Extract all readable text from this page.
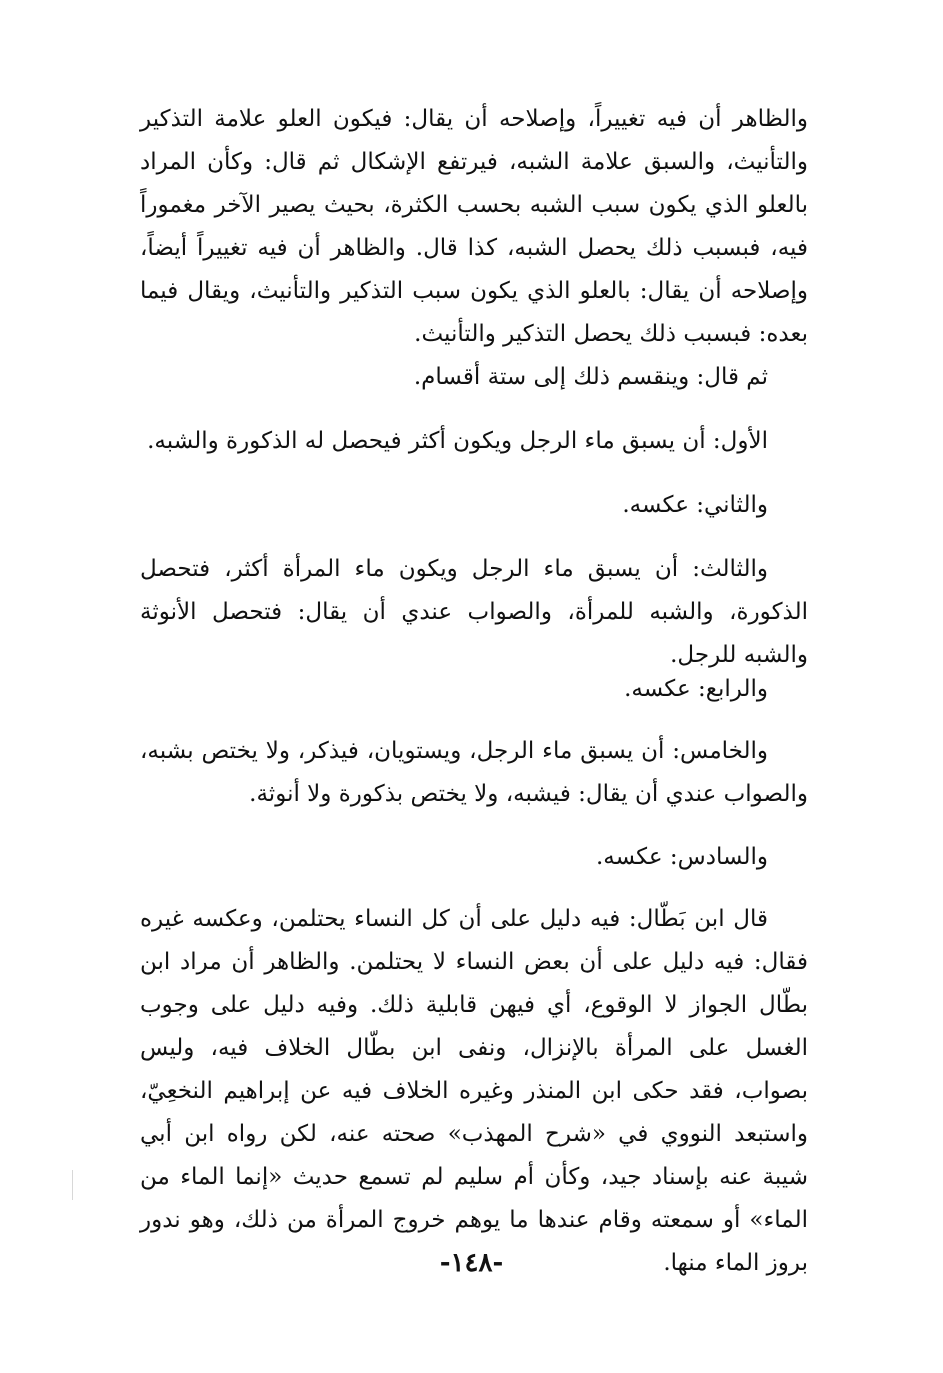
والظاهر أن فيه تغييراً، وإصلاحه أن يقال: فيكون العلو علامة التذكير والتأنيث، والسبق علامة الشبه، فيرتفع الإشكال ثم قال: وكأن المراد بالعلو الذي يكون سبب الشبه بحسب الكثرة، بحيث يصير الآخر مغموراً فيه، فبسبب ذلك يحصل الشبه، كذا قال. والظاهر أن فيه تغييراً أيضاً، وإصلاحه أن يقال: بالعلو الذي يكون سبب التذكير والتأنيث، ويقال فيما بعده: فبسبب ذلك يحصل التذكير والتأنيث.

ثم قال: وينقسم ذلك إلى ستة أقسام.

الأول: أن يسبق ماء الرجل ويكون أكثر فيحصل له الذكورة والشبه.

والثاني: عكسه.

والثالث: أن يسبق ماء الرجل ويكون ماء المرأة أكثر، فتحصل الذكورة، والشبه للمرأة، والصواب عندي أن يقال: فتحصل الأنوثة والشبه للرجل.

والرابع: عكسه.

والخامس: أن يسبق ماء الرجل، ويستويان، فيذكر، ولا يختص بشبه، والصواب عندي أن يقال: فيشبه، ولا يختص بذكورة ولا أنوثة.

والسادس: عكسه.

قال ابن بَطّال: فيه دليل على أن كل النساء يحتلمن، وعكسه غيره فقال: فيه دليل على أن بعض النساء لا يحتلمن. والظاهر أن مراد ابن بطّال الجواز لا الوقوع، أي فيهن قابلية ذلك. وفيه دليل على وجوب الغسل على المرأة بالإنزال، ونفى ابن بطّال الخلاف فيه، وليس بصواب، فقد حكى ابن المنذر وغيره الخلاف فيه عن إبراهيم النخعِيّ، واستبعد النووي في «شرح المهذب» صحته عنه، لكن رواه ابن أبي شيبة عنه بإسناد جيد، وكأن أم سليم لم تسمع حديث «إنما الماء من الماء» أو سمعته وقام عندها ما يوهم خروج المرأة من ذلك، وهو ندور بروز الماء منها.

-١٤٨-
